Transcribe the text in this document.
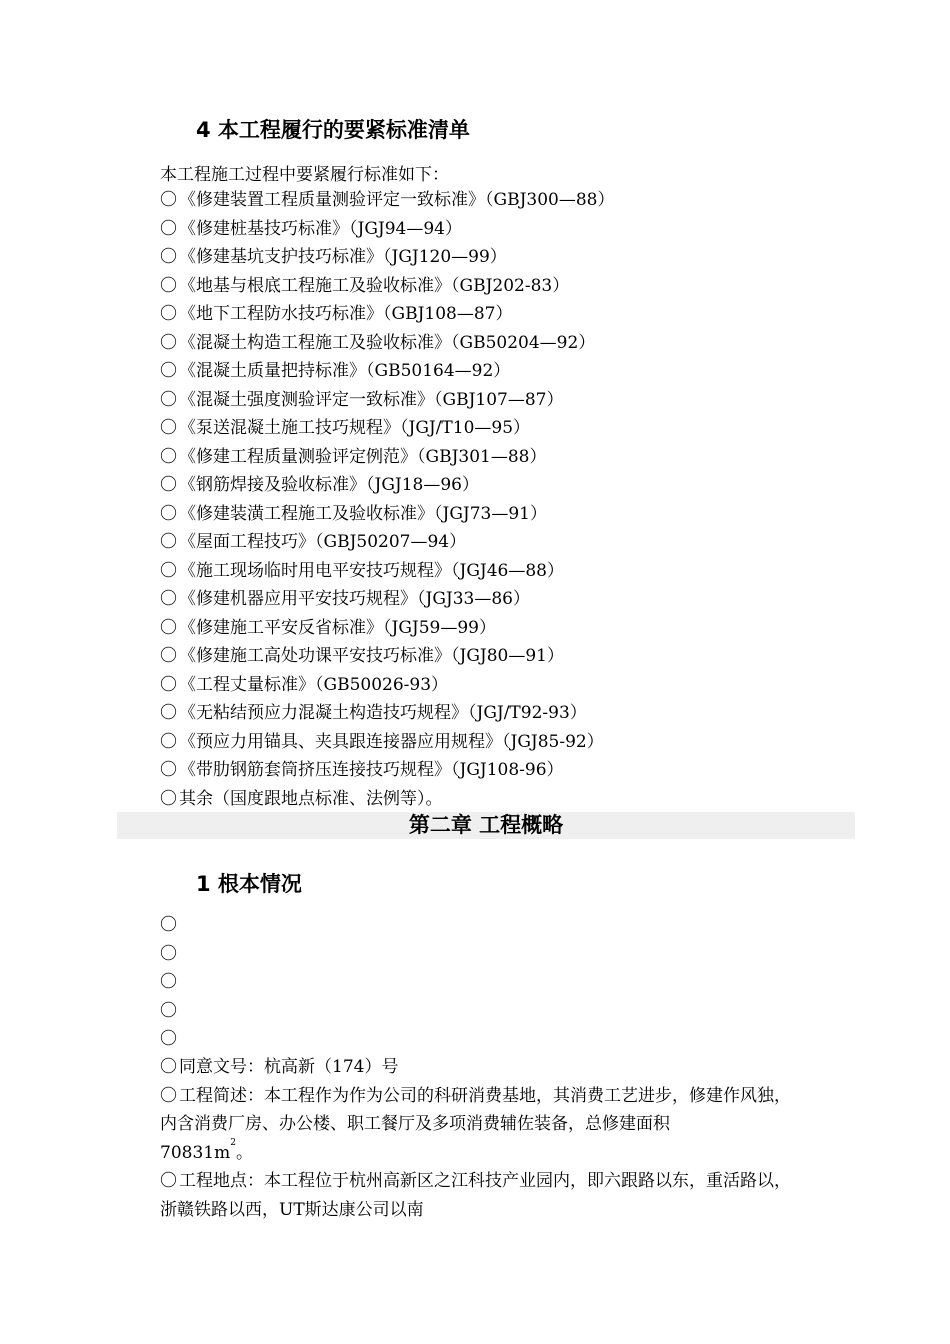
4 本工程履行的要紧标准清单
本工程施工过程中要紧履行标准如下：
〇 《修建装置工程质量测验评定一致标准》（GBJ300—88）
〇 《修建桩基技巧标准》（JGJ94—94）
〇 《修建基坑支护技巧标准》（JGJ120—99）
〇 《地基与根底工程施工及验收标准》（GBJ202-83）
〇 《地下工程防水技巧标准》（GBJ108—87）
〇 《混凝土构造工程施工及验收标准》（GB50204—92）
〇 《混凝土质量把持标准》（GB50164—92）
〇 《混凝土强度测验评定一致标准》（GBJ107—87）
〇 《泵送混凝土施工技巧规程》（JGJ/T10—95）
〇 《修建工程质量测验评定例范》（GBJ301—88）
〇 《钢筋焊接及验收标准》（JGJ18—96）
〇 《修建装潢工程施工及验收标准》（JGJ73—91）
〇 《屋面工程技巧》（GBJ50207—94）
〇 《施工现场临时用电平安技巧规程》（JGJ46—88）
〇 《修建机器应用平安技巧规程》（JGJ33—86）
〇 《修建施工平安反省标准》（JGJ59—99）
〇 《修建施工高处功课平安技巧标准》（JGJ80—91）
〇 《工程丈量标准》（GB50026-93）
〇 《无粘结预应力混凝土构造技巧规程》（JGJ/T92-93）
〇 《预应力用锚具、夹具跟连接器应用规程》（JGJ85-92）
〇 《带肋钢筋套筒挤压连接技巧规程》（JGJ108-96）
〇 其余（国度跟地点标准、法例等）。
第二章 工程概略
1 根本情况
〇
〇
〇
〇
〇

〇 同意文号：杭高新（174）号

〇 工程简述：本工程作为作为公司的科研消费基地，其消费工艺进步，修建作风独，

内含消费厂房、办公楼、职工餐厅及多项消费辅佐装备，总修建面积

$70831m^2$。

〇 工程地点：本工程位于杭州高新区之江科技产业园内，即六跟路以东，重活路以，

浙赣铁路以西，UT斯达康公司以南
